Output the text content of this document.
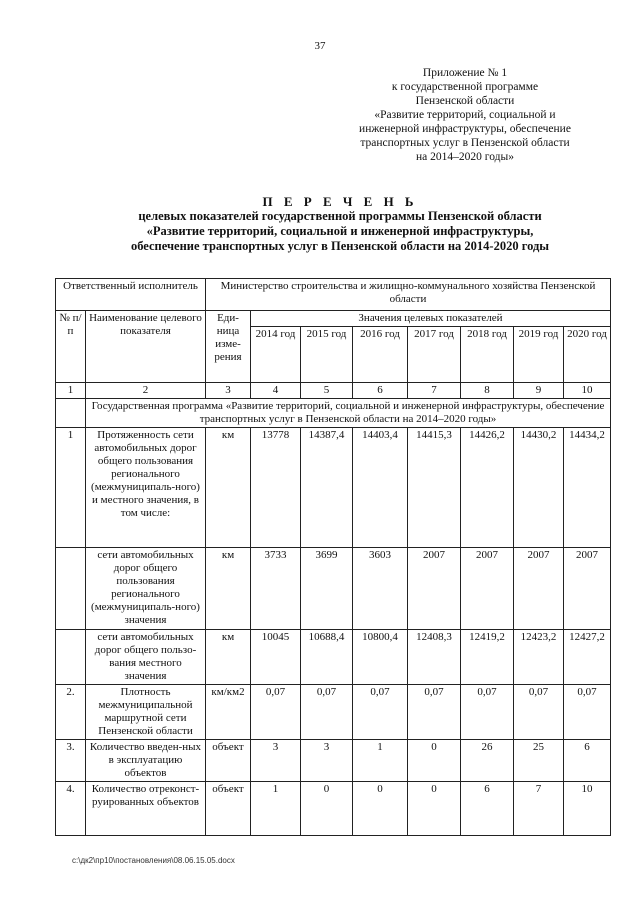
37
Приложение № 1
к государственной программе
Пензенской области
«Развитие территорий, социальной и
инженерной инфраструктуры, обеспечение
транспортных услуг в Пензенской области
на 2014–2020 годы»
П Е Р Е Ч Е Н Ь
целевых показателей государственной программы Пензенской области
«Развитие территорий, социальной и инженерной инфраструктуры,
обеспечение транспортных услуг в Пензенской области на 2014-2020 годы
Ответственный исполнитель		Министерство строительства и жилищно-коммунального хозяйства Пензенской области							
№ п/п	Наименование целевого показателя	Еди-ница изме-рения	Значения целевых показателей						
			2014 год	2015 год	2016 год	2017 год	2018 год	2019 год	2020 год
1	2	3	4	5	6	7	8	9	10
	Государственная программа «Развитие территорий, социальной и инженерной инфраструктуры, обеспечение транспортных услуг в Пензенской области на 2014–2020 годы»								
1	Протяженность сети автомобильных дорог общего пользования регионального (межмуниципаль-ного) и местного значения, в том числе:	км	13778	14387,4	14403,4	14415,3	14426,2	14430,2	14434,2
	сети автомобильных дорог общего пользования регионального (межмуниципаль-ного) значения	км	3733	3699	3603	2007	2007	2007	2007
	сети автомобильных дорог общего пользо-вания местного значения	км	10045	10688,4	10800,4	12408,3	12419,2	12423,2	12427,2
2.	Плотность межмуниципальной маршрутной сети Пензенской области	км/км2	0,07	0,07	0,07	0,07	0,07	0,07	0,07
3.	Количество введен-ных в эксплуатацию объектов	объект	3	3	1	0	26	25	6
4.	Количество отреконст-руированных объектов	объект	1	0	0	0	6	7	10
c:\дк2\пр10\постановления\08.06.15.05.docx
